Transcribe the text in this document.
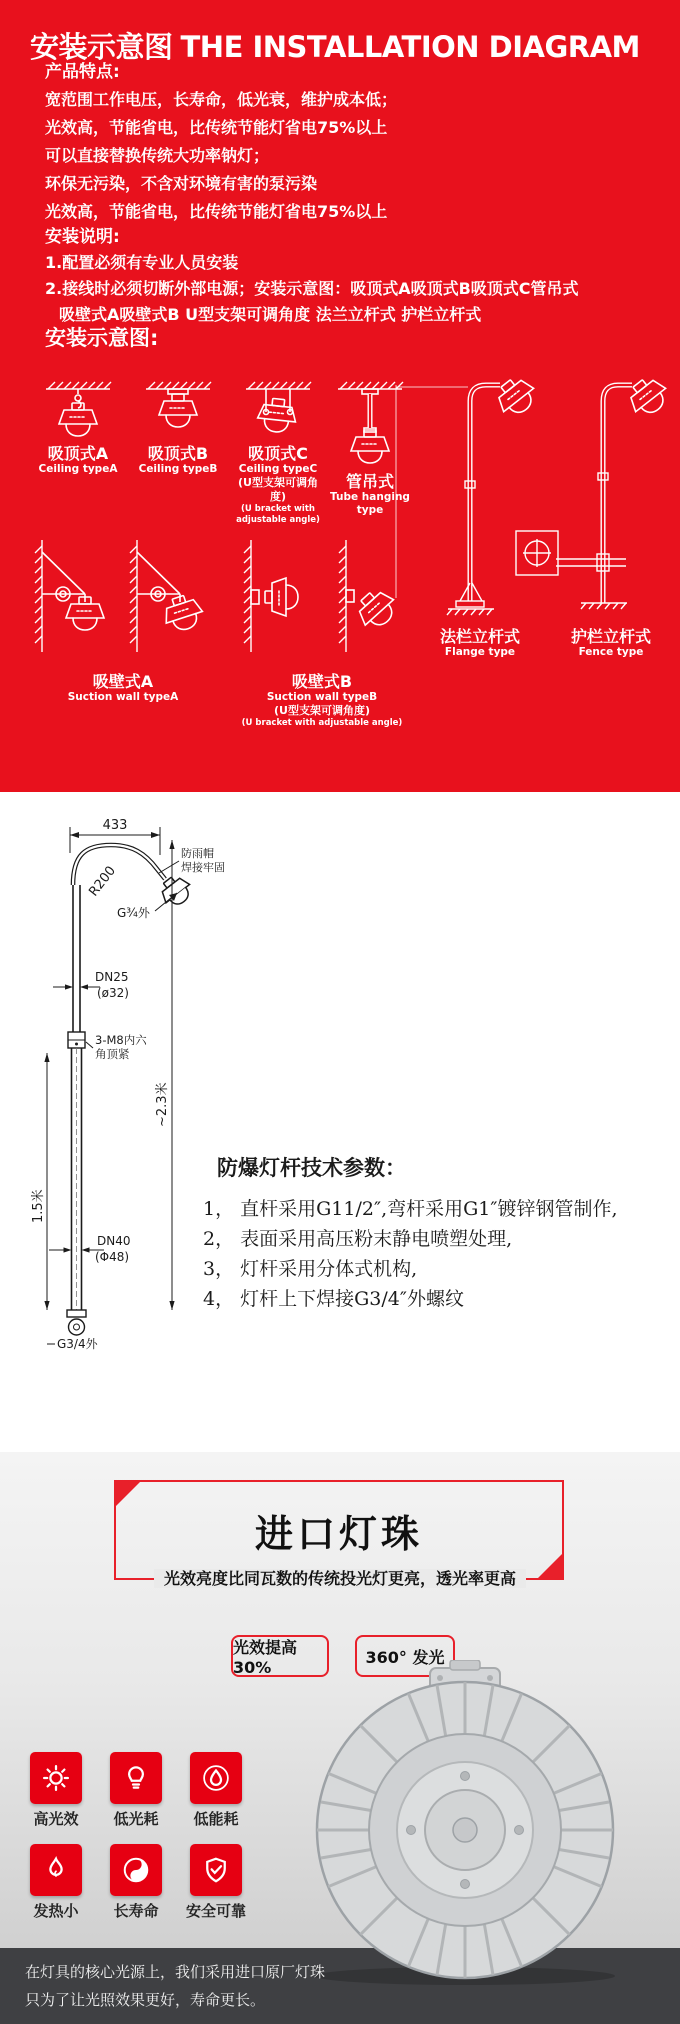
安装示意图 THE INSTALLATION DIAGRAM
产品特点:
宽范围工作电压，长寿命，低光衰，维护成本低；
光效高，节能省电，比传统节能灯省电75%以上
可以直接替换传统大功率钠灯；
环保无污染，不含对环境有害的泵污染
光效高，节能省电，比传统节能灯省电75%以上
安装说明:
1.配置必须有专业人员安装
2.接线时必须切断外部电源；安装示意图：吸顶式A吸顶式B吸顶式C管吊式
吸壁式A吸壁式B U型支架可调角度 法兰立杆式 护栏立杆式
安装示意图:
吸顶式A
Ceiling typeA
吸顶式B
Ceiling typeB
吸顶式C
Ceiling typeC
(U型支架可调角度)
(U bracket with adjustable angle)
管吊式
Tube hanging type
吸壁式A
Suction wall typeA
吸壁式B
Suction wall typeB
(U型支架可调角度)
(U bracket with adjustable angle)
法栏立杆式
Flange type
护栏立杆式
Fence type
433
R200
防雨帽
焊接牢固
G¾外
DN25
(ø32)
3-M8内六
角顶紧
~2.3米
1.5米
DN40
(Φ48)
G3/4外
防爆灯杆技术参数：
1， 直杆采用G11/2″,弯杆采用G1″镀锌钢管制作,
2， 表面采用高压粉末静电喷塑处理,
3， 灯杆采用分体式机构,
4， 灯杆上下焊接G3/4″外螺纹
进口灯珠
光效亮度比同瓦数的传统投光灯更亮，透光率更高
光效提高30%
360° 发光
高光效	低光耗	低能耗
发热小	长寿命	安全可靠
在灯具的核心光源上，我们采用进口原厂灯珠
只为了让光照效果更好，寿命更长。
